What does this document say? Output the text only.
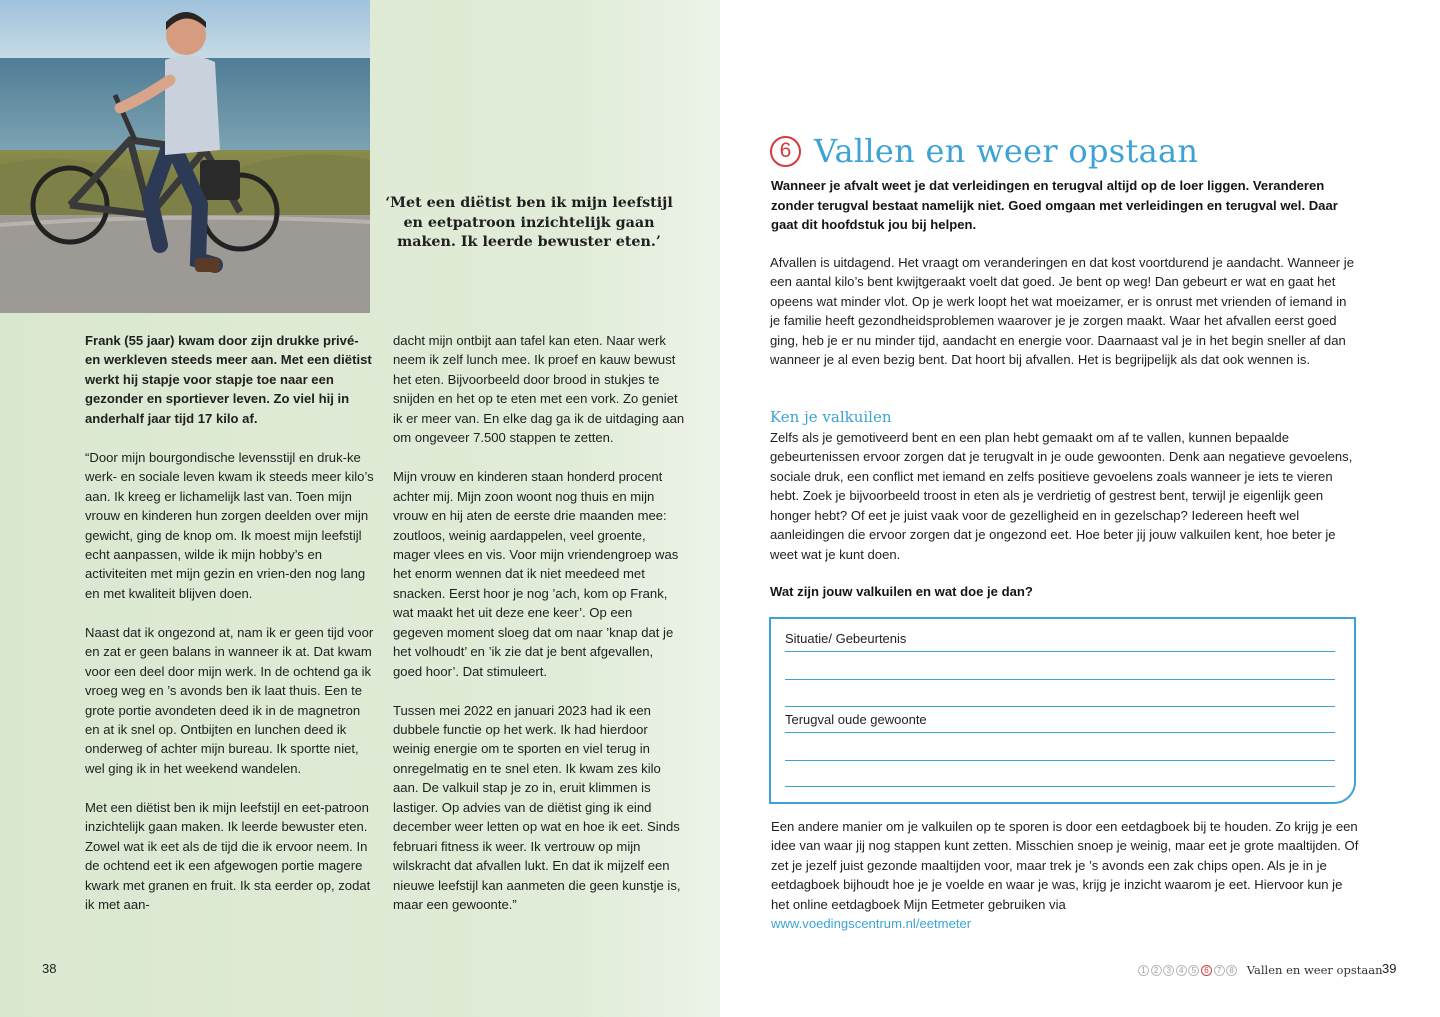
‘Met een diëtist ben ik mijn leefstijl en eetpatroon inzichtelijk gaan maken. Ik leerde bewuster eten.’

Frank (55 jaar) kwam door zijn drukke privé- en werkleven steeds meer aan. Met een diëtist werkt hij stapje voor stapje toe naar een gezonder en sportiever leven. Zo viel hij in anderhalf jaar tijd 17 kilo af.

“Door mijn bourgondische levensstijl en druk-ke werk- en sociale leven kwam ik steeds meer kilo’s aan. Ik kreeg er lichamelijk last van. Toen mijn vrouw en kinderen hun zorgen deelden over mijn gewicht, ging de knop om. Ik moest mijn leefstijl echt aanpassen, wilde ik mijn hobby’s en activiteiten met mijn gezin en vrien-den nog lang en met kwaliteit blijven doen.

Naast dat ik ongezond at, nam ik er geen tijd voor en zat er geen balans in wanneer ik at. Dat kwam voor een deel door mijn werk. In de ochtend ga ik vroeg weg en ’s avonds ben ik laat thuis. Een te grote portie avondeten deed ik in de magnetron en at ik snel op. Ontbijten en lunchen deed ik onderweg of achter mijn bureau. Ik sportte niet, wel ging ik in het weekend wandelen.

Met een diëtist ben ik mijn leefstijl en eet-patroon inzichtelijk gaan maken. Ik leerde bewuster eten. Zowel wat ik eet als de tijd die ik ervoor neem. In de ochtend eet ik een afgewogen portie magere kwark met granen en fruit. Ik sta eerder op, zodat ik met aan-

dacht mijn ontbijt aan tafel kan eten. Naar werk neem ik zelf lunch mee. Ik proef en kauw bewust het eten. Bijvoorbeeld door brood in stukjes te snijden en het op te eten met een vork. Zo geniet ik er meer van. En elke dag ga ik de uitdaging aan om ongeveer 7.500 stappen te zetten.

Mijn vrouw en kinderen staan honderd procent achter mij. Mijn zoon woont nog thuis en mijn vrouw en hij aten de eerste drie maanden mee: zoutloos, weinig aardappelen, veel groente, mager vlees en vis. Voor mijn vriendengroep was het enorm wennen dat ik niet meedeed met snacken. Eerst hoor je nog ’ach, kom op Frank, wat maakt het uit deze ene keer’. Op een gegeven moment sloeg dat om naar ’knap dat je het volhoudt’ en ’ik zie dat je bent afgevallen, goed hoor’. Dat stimuleert.

Tussen mei 2022 en januari 2023 had ik een dubbele functie op het werk. Ik had hierdoor weinig energie om te sporten en viel terug in onregelmatig en te snel eten. Ik kwam zes kilo aan. De valkuil stap je zo in, eruit klimmen is lastiger. Op advies van de diëtist ging ik eind december weer letten op wat en hoe ik eet. Sinds februari fitness ik weer. Ik vertrouw op mijn wilskracht dat afvallen lukt. En dat ik mijzelf een nieuwe leefstijl kan aanmeten die geen kunstje is, maar een gewoonte.”

38
6 Vallen en weer opstaan
Wanneer je afvalt weet je dat verleidingen en terugval altijd op de loer liggen. Veranderen zonder terugval bestaat namelijk niet. Goed omgaan met verleidingen en terugval wel. Daar gaat dit hoofdstuk jou bij helpen.
Afvallen is uitdagend. Het vraagt om veranderingen en dat kost voortdurend je aandacht. Wanneer je een aantal kilo’s bent kwijtgeraakt voelt dat goed. Je bent op weg! Dan gebeurt er wat en gaat het opeens wat minder vlot. Op je werk loopt het wat moeizamer, er is onrust met vrienden of iemand in je familie heeft gezondheidsproblemen waarover je je zorgen maakt. Waar het afvallen eerst goed ging, heb je er nu minder tijd, aandacht en energie voor. Daarnaast val je in het begin sneller af dan wanneer je al even bezig bent. Dat hoort bij afvallen. Het is begrijpelijk als dat ook wennen is.
Ken je valkuilen
Zelfs als je gemotiveerd bent en een plan hebt gemaakt om af te vallen, kunnen bepaalde gebeurtenissen ervoor zorgen dat je terugvalt in je oude gewoonten. Denk aan negatieve gevoelens, sociale druk, een conflict met iemand en zelfs positieve gevoelens zoals wanneer je iets te vieren hebt. Zoek je bijvoorbeeld troost in eten als je verdrietig of gestrest bent, terwijl je eigenlijk geen honger hebt? Of eet je juist vaak voor de gezelligheid en in gezelschap? Iedereen heeft wel aanleidingen die ervoor zorgen dat je ongezond eet. Hoe beter jij jouw valkuilen kent, hoe beter je weet wat je kunt doen.
Wat zijn jouw valkuilen en wat doe je dan?
Situatie/ Gebeurtenis
Terugval oude gewoonte
Een andere manier om je valkuilen op te sporen is door een eetdagboek bij te houden. Zo krijg je een idee van waar jij nog stappen kunt zetten. Misschien snoep je weinig, maar eet je grote maaltijden. Of zet je jezelf juist gezonde maaltijden voor, maar trek je ’s avonds een zak chips open. Als je in je eetdagboek bijhoudt hoe je je voelde en waar je was, krijg je inzicht waarom je eet. Hiervoor kun je het online eetdagboek Mijn Eetmeter gebruiken via
www.voedingscentrum.nl/eetmeter
1	2	3	4	5	6	7	8 Vallen en weer opstaan 39
